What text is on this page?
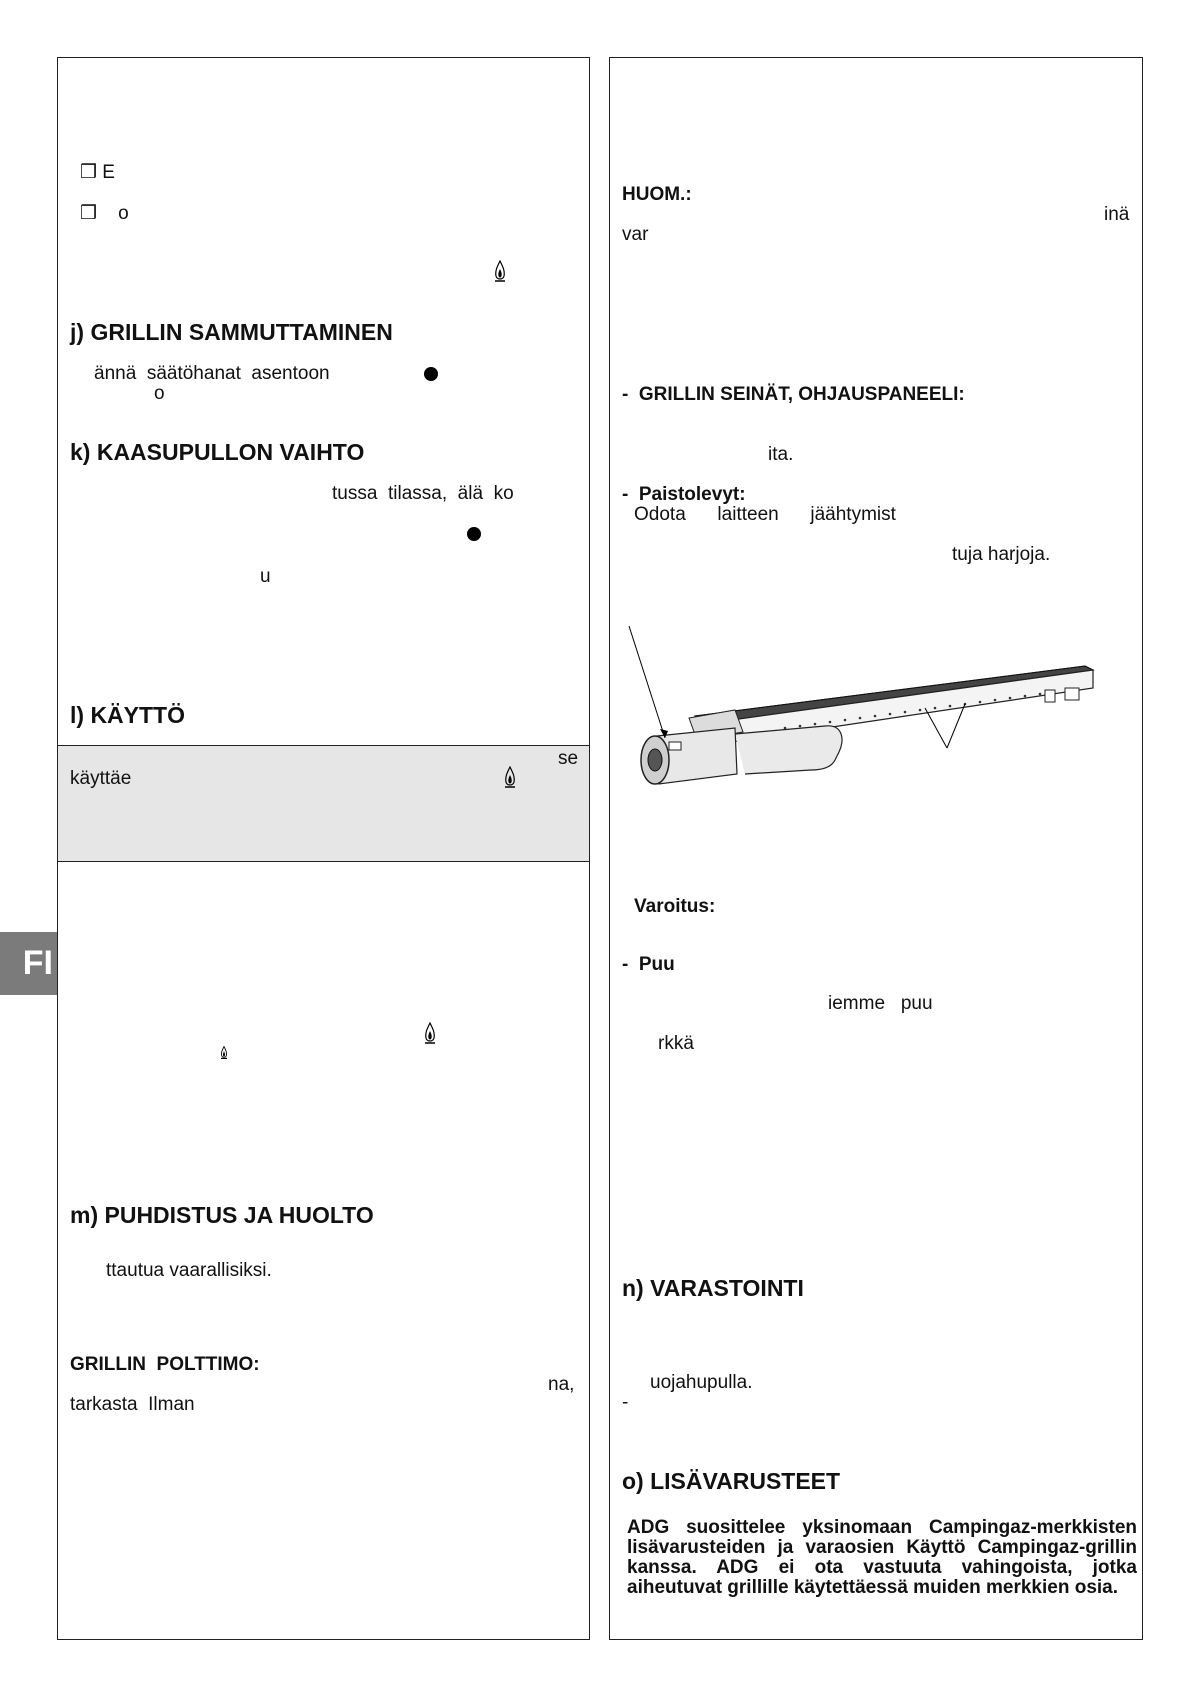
FI
❒ E
❒    o
j) GRILLIN SAMMUTTAMINEN
ännä  säätöhanat  asentoon
o
k) KAASUPULLON VAIHTO
tussa  tilassa,  älä  ko
u
l) KÄYTTÖ
se
käyttäe
m) PUHDISTUS JA HUOLTO
ttautua vaarallisiksi.
GRILLIN  POLTTIMO:
na,
tarkasta  Ilman
HUOM.:
inä
var
-  GRILLIN SEINÄT, OHJAUSPANEELI:
ita.
-  Paistolevyt:
Odota      laitteen      jäähtymist
tuja harjoja.
Varoitus:
-  Puu
iemme   puu
rkkä
n) VARASTOINTI
uojahupulla.
-
o) LISÄVARUSTEET
ADG suosittelee yksinomaan Campingaz-merkkisten lisävarusteiden ja varaosien Käyttö Campingaz-grillin kanssa. ADG ei ota vastuuta vahingoista, jotka aiheutuvat grillille käytettäessä muiden merkkien osia.
